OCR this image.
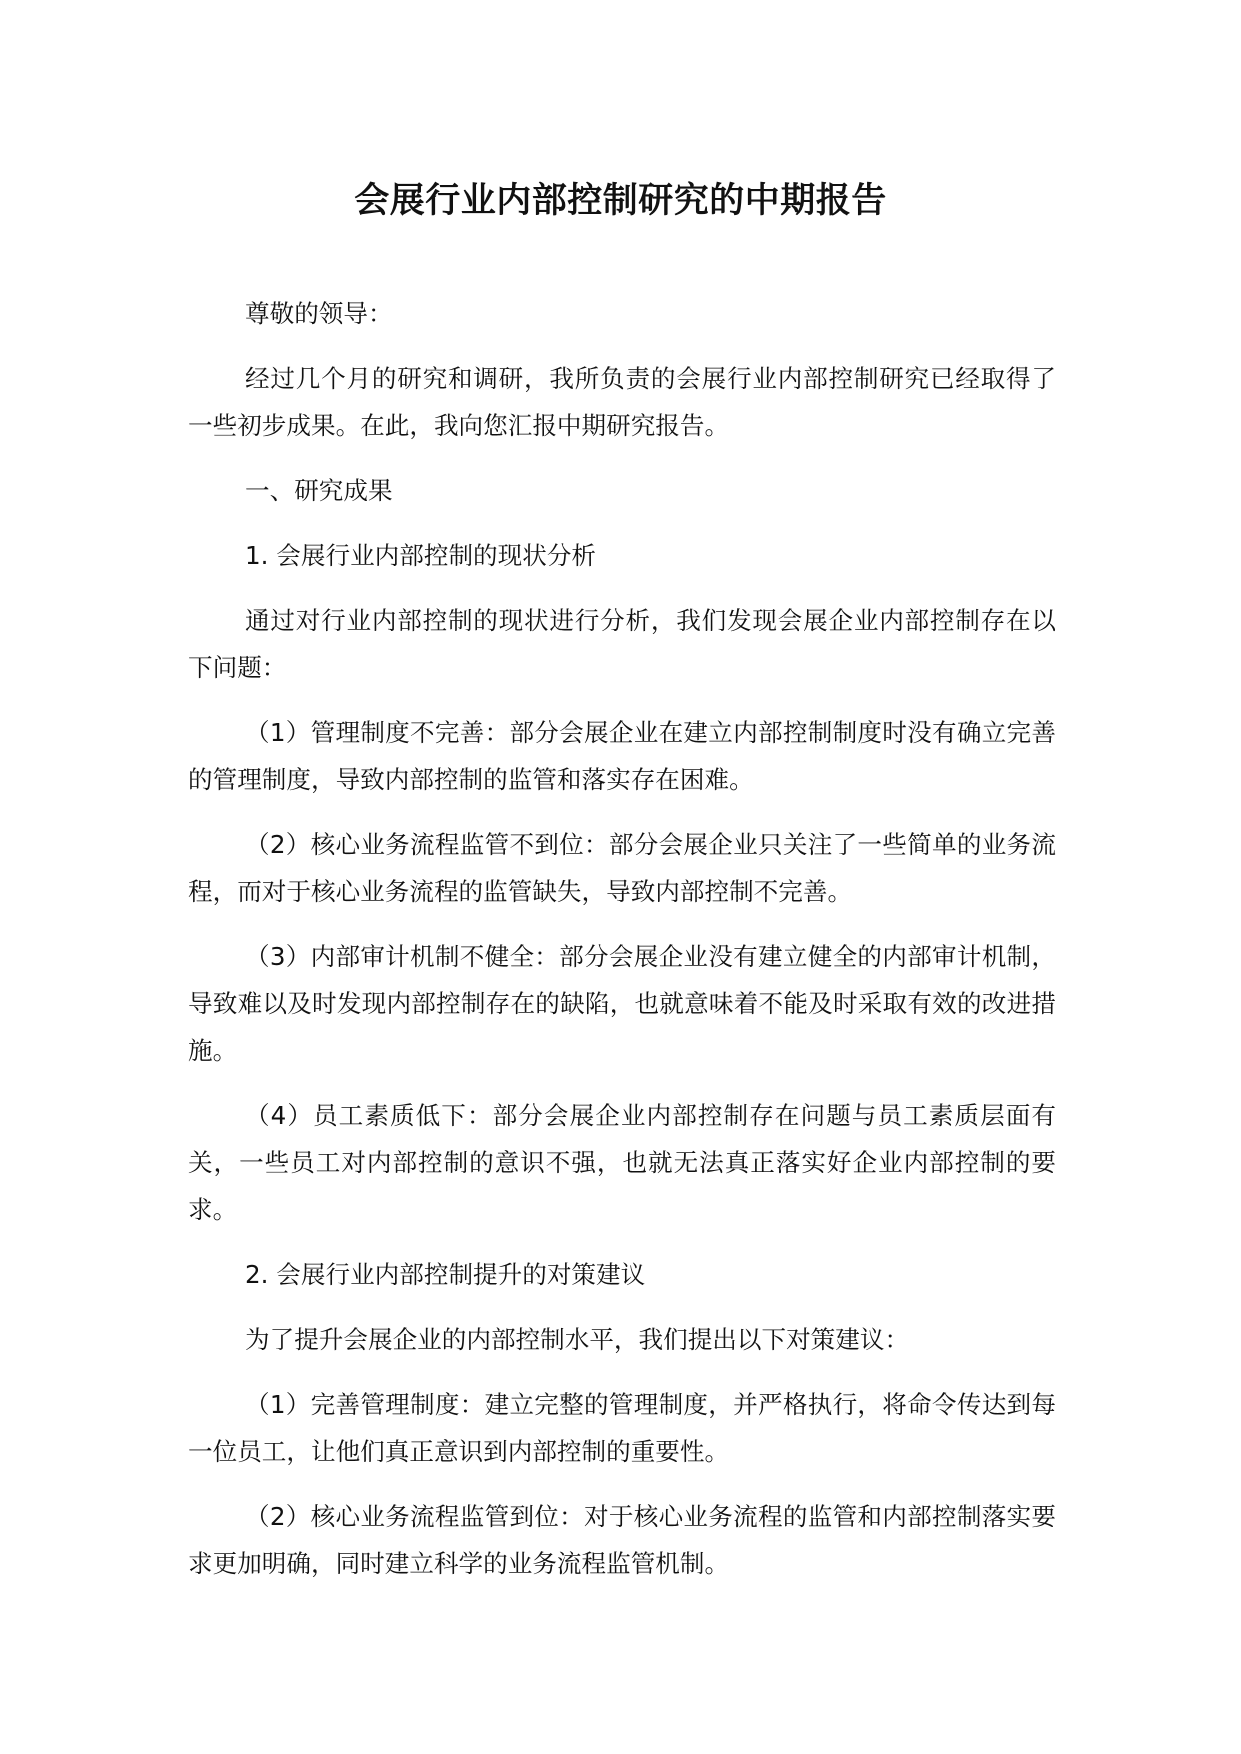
会展行业内部控制研究的中期报告

尊敬的领导：

经过几个月的研究和调研，我所负责的会展行业内部控制研究已经取得了一些初步成果。在此，我向您汇报中期研究报告。

一、研究成果

1. 会展行业内部控制的现状分析

通过对行业内部控制的现状进行分析，我们发现会展企业内部控制存在以下问题：

（1）管理制度不完善：部分会展企业在建立内部控制制度时没有确立完善的管理制度，导致内部控制的监管和落实存在困难。

（2）核心业务流程监管不到位：部分会展企业只关注了一些简单的业务流程，而对于核心业务流程的监管缺失，导致内部控制不完善。

（3）内部审计机制不健全：部分会展企业没有建立健全的内部审计机制，导致难以及时发现内部控制存在的缺陷，也就意味着不能及时采取有效的改进措施。

（4）员工素质低下：部分会展企业内部控制存在问题与员工素质层面有关，一些员工对内部控制的意识不强，也就无法真正落实好企业内部控制的要求。

2. 会展行业内部控制提升的对策建议

为了提升会展企业的内部控制水平，我们提出以下对策建议：

（1）完善管理制度：建立完整的管理制度，并严格执行，将命令传达到每一位员工，让他们真正意识到内部控制的重要性。

（2）核心业务流程监管到位：对于核心业务流程的监管和内部控制落实要求更加明确，同时建立科学的业务流程监管机制。
